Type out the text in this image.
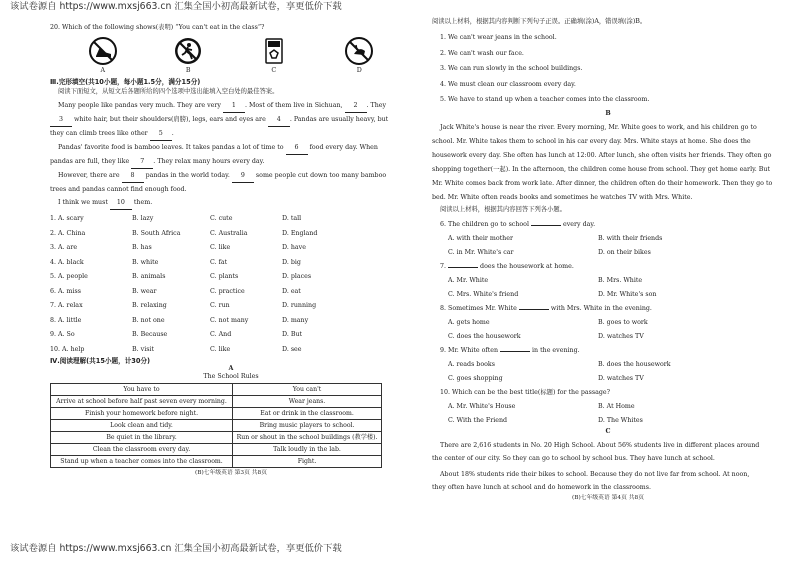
该试卷源自 https://www.mxsj663.cn 汇集全国小初高最新试卷，享更低价下载
该试卷源自 https://www.mxsj663.cn 汇集全国小初高最新试卷，享更低价下载
20. Which of the following shows(表明) “You can't eat in the class”?
A	B	C	D
Ⅲ.完形填空(共10小题，每小题1.5分，满分15分)
阅读下面短文，从短文后各题所给的四个选项中选出能填入空白处的最佳答案。
Many people like pandas very much. They are very 1 . Most of them live in Sichuan, 2 . They
3 white hair, but their shoulders(肩膀), legs, ears and eyes are 4 . Pandas are usually heavy, but
they can climb trees like other 5 .
Pandas' favorite food is bamboo leaves. It takes pandas a lot of time to 6 food every day. When
pandas are full, they like 7 . They relax many hours every day.
However, there are 8 pandas in the world today. 9 some people cut down too many bamboo
trees and pandas cannot find enough food.
I think we must 10 them.
1. A. scary	B. lazy	C. cute	D. tall
2. A. China	B. South Africa	C. Australia	D. England
3. A. are	B. has	C. like	D. have
4. A. black	B. white	C. fat	D. big
5. A. people	B. animals	C. plants	D. places
6. A. miss	B. wear	C. practice	D. eat
7. A. relax	B. relaxing	C. run	D. running
8. A. little	B. not one	C. not many	D. many
9. A. So	B. Because	C. And	D. But
10. A. help	B. visit	C. like	D. see
Ⅳ.阅读理解(共15小题，计30分)
A
The School Rules
You have to	You can't
Arrive at school before half past seven every morning.	Wear jeans.
Finish your homework before night.	Eat or drink in the classroom.
Look clean and tidy.	Bring music players to school.
Be quiet in the library.	Run or shout in the school buildings (教学楼).
Clean the classroom every day.	Talk loudly in the lab.
Stand up when a teacher comes into the classroom.	Fight.
(B)七年级英语 第3页 共8页
阅读以上材料，根据其内容判断下列句子正误。正确填(涂)A，错误填(涂)B。
1. We can't wear jeans in the school.
2. We can't wash our face.
3. We can run slowly in the school buildings.
4. We must clean our classroom every day.
5. We have to stand up when a teacher comes into the classroom.
B
Jack White's house is near the river. Every morning, Mr. White goes to work, and his children go to
school. Mr. White takes them to school in his car every day. Mrs. White stays at home. She does the
housework every day. She often has lunch at 12:00. After lunch, she often visits her friends. They often go
shopping together(一起). In the afternoon, the children come house from school. They get home early. But
Mr. White comes back from work late. After dinner, the children often do their homework. Then they go to
bed. Mr. White often reads books and sometimes he watches TV with Mrs. White.
阅读以上材料，根据其内容回答下列各小题。
6. The children go to school	every day.
A. with their mother	B. with their friends
C. in Mr. White's car	D. on their bikes
7.	does the housework at home.
A. Mr. White	B. Mrs. White
C. Mrs. White's friend	D. Mr. White's son
8. Sometimes Mr. White	with Mrs. White in the evening.
A. gets home	B. goes to work
C. does the housework	D. watches TV
9. Mr. White often	in the evening.
A. reads books	B. does the housework
C. goes shopping	D. watches TV
10. Which can be the best title(标题) for the passage?
A. Mr. White's House	B. At Home
C. With the Friend	D. The Whites
C
There are 2,616 students in No. 20 High School. About 56% students live in different places around
the center of our city. So they can go to school by school bus. They have lunch at school.
About 18% students ride their bikes to school. Because they do not live far from school. At noon,
they often have lunch at school and do homework in the classrooms.
(B)七年级英语 第4页 共8页
